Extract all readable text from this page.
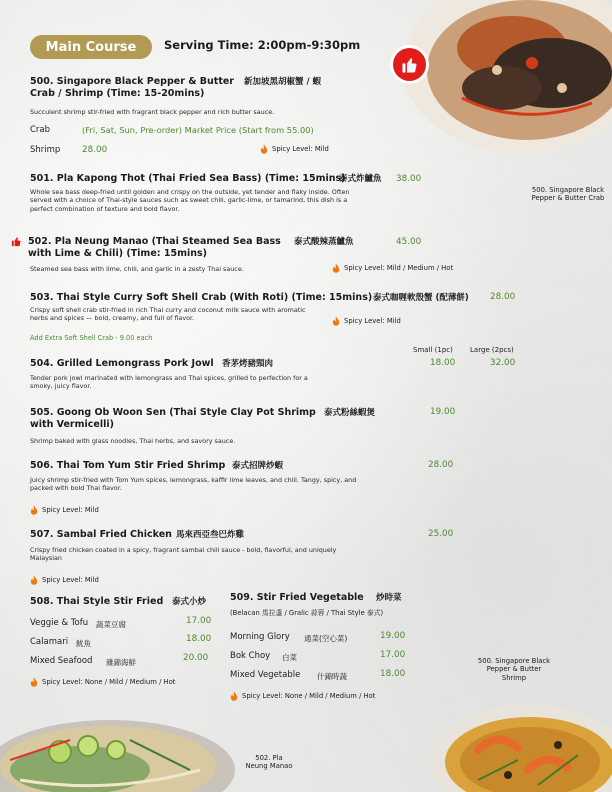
Main Course	Serving Time: 2:00pm-9:30pm
500. Singapore Black Pepper & Butter Crab
500. Singapore Black Pepper & Butter Crab / Shrimp (Time: 15-20mins)
新加坡黑胡椒蟹 / 蝦
Succulent shrimp stir-fried with fragrant black pepper and rich butter sauce.
Crab	(Fri, Sat, Sun, Pre-order) Market Price (Start from 55.00)
Shrimp 28.00	Spicy Level: Mild
501. Pla Kapong Thot (Thai Fried Sea Bass) (Time: 15mins)
泰式炸鱸魚 38.00
Whole sea bass deep-fried until golden and crispy on the outside, yet tender and flaky inside. Often served with a choice of Thai-style sauces such as sweet chili, garlic-lime, or tamarind, this dish is a perfect combination of texture and bold flavor.
502. Pla Neung Manao (Thai Steamed Sea Bass with Lime & Chili) (Time: 15mins)
泰式酸辣蒸鱸魚	45.00
Steamed sea bass with lime, chili, and garlic in a zesty Thai sauce.	Spicy Level: Mild / Medium / Hot
503. Thai Style Curry Soft Shell Crab (With Roti) (Time: 15mins) 泰式咖喱軟殼蟹 (配薄餅) 28.00
Crispy soft shell crab stir-fried in rich Thai curry and coconut milk sauce with aromatic herbs and spices — bold, creamy, and full of flavor.	Spicy Level: Mild
Add Extra Soft Shell Crab - 9.00 each
Small (1pc) Large (2pcs)
504. Grilled Lemongrass Pork Jowl 香茅烤豬頸肉	18.00	32.00
Tender pork jowl marinated with lemongrass and Thai spices, grilled to perfection for a smoky, juicy flavor.
505. Goong Ob Woon Sen (Thai Style Clay Pot Shrimp with Vermicelli)
泰式粉絲蝦煲	19.00
Shrimp baked with glass noodles, Thai herbs, and savory sauce.
506. Thai Tom Yum Stir Fried Shrimp 泰式招牌炒蝦	28.00
Juicy shrimp stir-fried with Tom Yum spices, lemongrass, kaffir lime leaves, and chili. Tangy, spicy, and packed with bold Thai flavor.
Spicy Level: Mild
507. Sambal Fried Chicken 馬來西亞叁巴炸雞	25.00
Crispy fried chicken coated in a spicy, fragrant sambal chili sauce - bold, flavorful, and uniquely Malaysian
Spicy Level: Mild
508. Thai Style Stir Fried 泰式小炒
Veggie & Tofu 蔬菜豆腐	17.00
Calamari 魷魚	18.00
Mixed Seafood 雜錦海鮮	20.00
Spicy Level: None / Mild / Medium / Hot
509. Stir Fried Vegetable 炒時菜
(Belacan 馬拉盞 / Gralic 蒜蓉 / Thai Style 泰式)
Morning Glory 通菜(空心菜)	19.00
Bok Choy 白菜	17.00
Mixed Vegetable 什錦時蔬	18.00
Spicy Level: None / Mild / Medium / Hot
502. Pla Neung Manao
500. Singapore Black Pepper & Butter Shrimp
